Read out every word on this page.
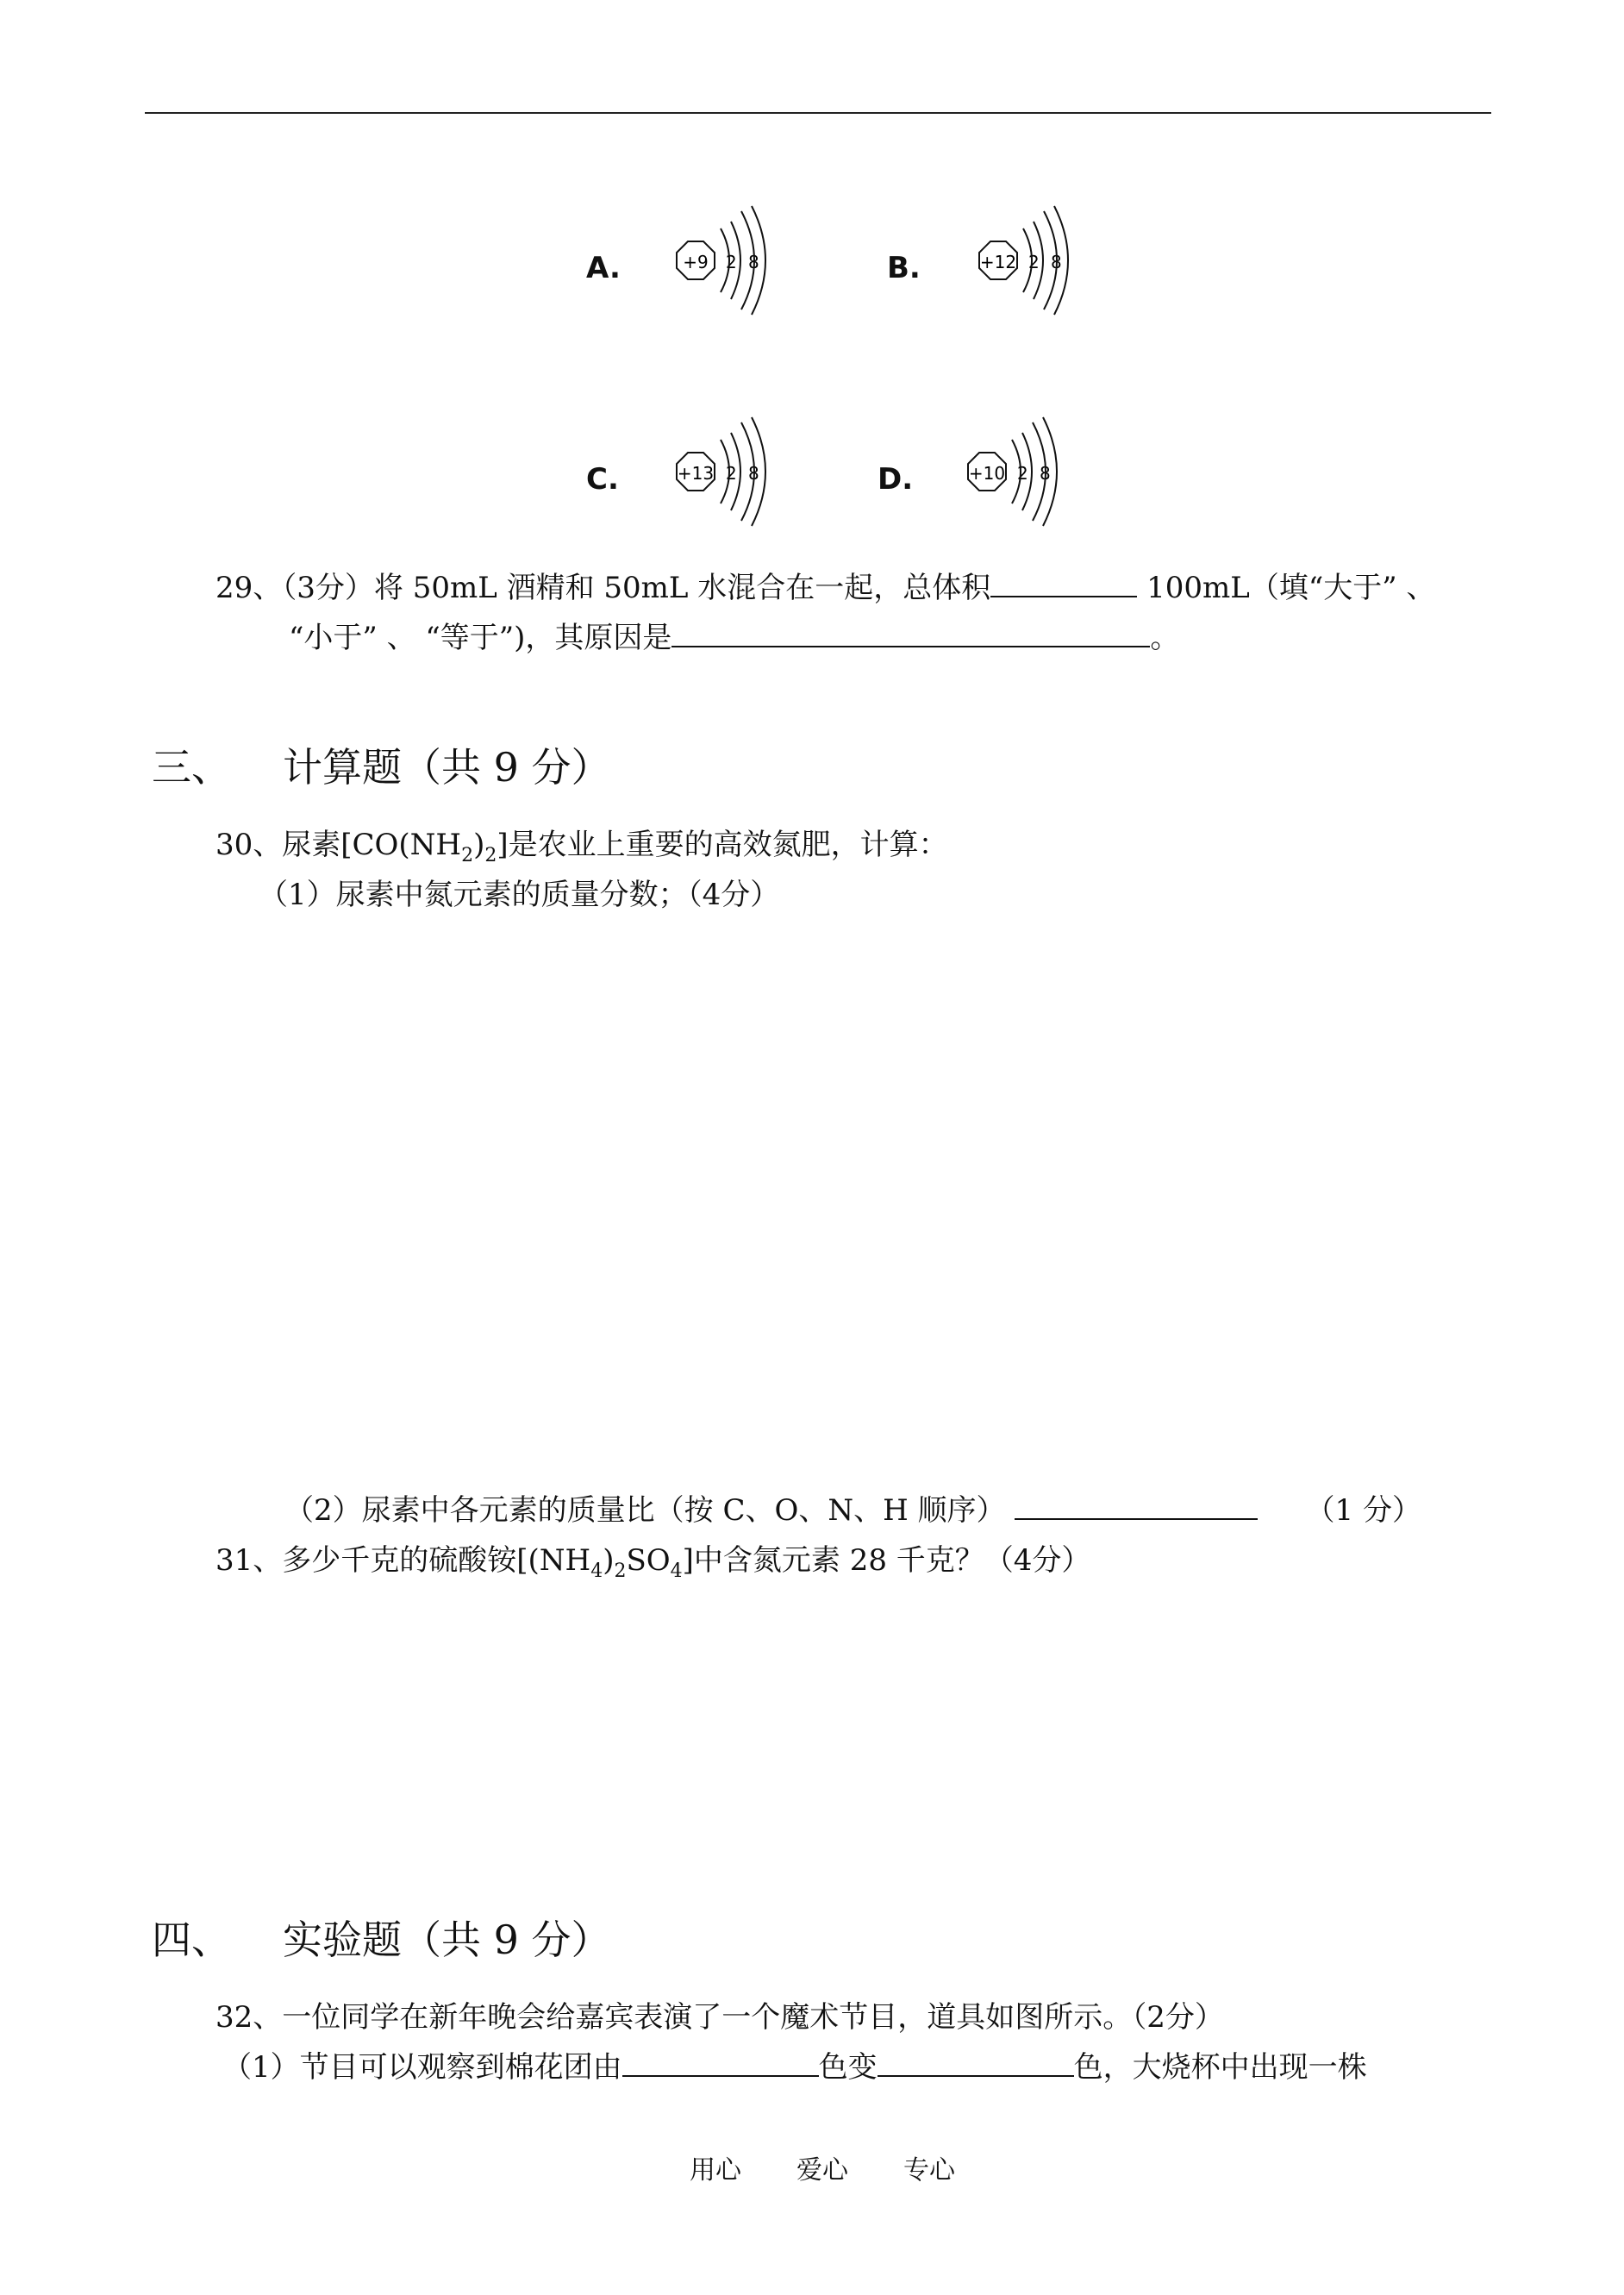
A.	+9 2 8	B.	+12 2 8
C.	+13 2 8	D.	+10 2 8
29、（3分）将 50mL 酒精和 50mL 水混合在一起，总体积	100mL（填“大于” 、
“小于” 、 “等于”)，其原因是	。
三、 计算题（共 9 分）
30、尿素$[CO(NH_2)_2]$是农业上重要的高效氮肥，计算：
（1）尿素中氮元素的质量分数；（4分）
（2）尿素中各元素的质量比（按 C、O、N、H 顺序）	（1 分）
31、多少千克的硫酸铵$[(NH_4)_2SO_4]$中含氮元素 28 千克？（4分）
四、 实验题（共 9 分）
32、一位同学在新年晚会给嘉宾表演了一个魔术节目，道具如图所示。（2分）
（1）节目可以观察到棉花团由	色变	色，大烧杯中出现一株
用心 爱心 专心
